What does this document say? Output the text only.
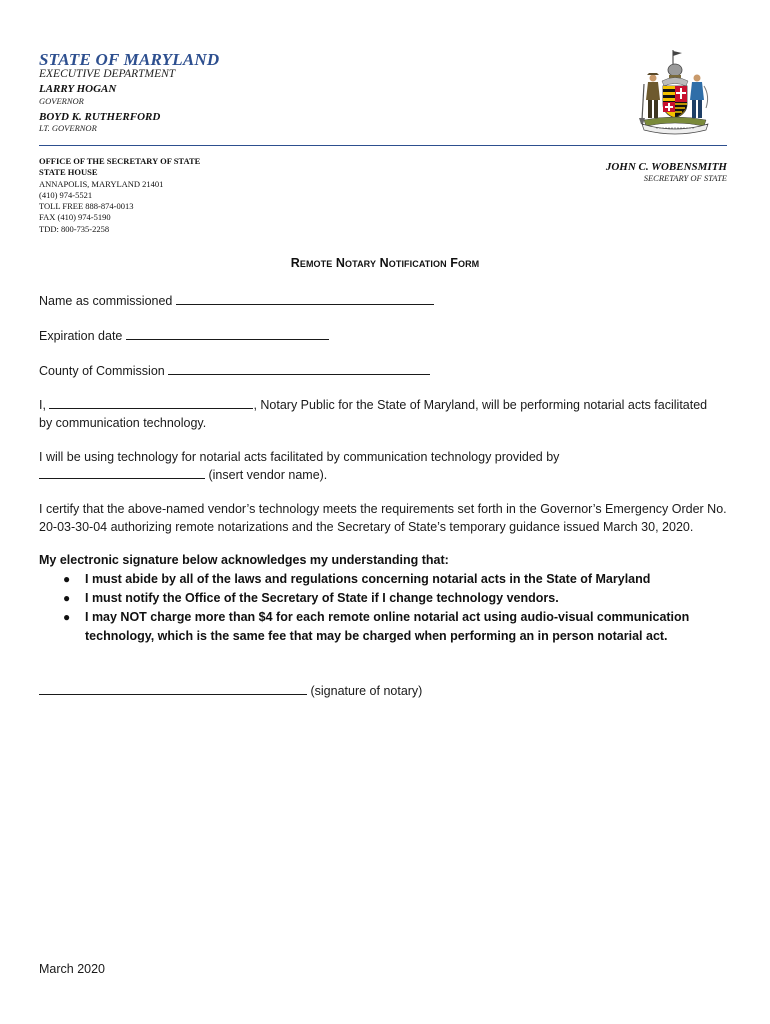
STATE OF MARYLAND
EXECUTIVE DEPARTMENT
LARRY HOGAN
GOVERNOR
BOYD K. RUTHERFORD
LT. GOVERNOR
OFFICE OF THE SECRETARY OF STATE
STATE HOUSE
ANNAPOLIS, MARYLAND 21401
(410) 974-5521
TOLL FREE 888-874-0013
FAX (410) 974-5190
TDD: 800-735-2258
JOHN C. WOBENSMITH
SECRETARY OF STATE
Remote Notary Notification Form
Name as commissioned
Expiration date
County of Commission
I,	, Notary Public for the State of Maryland, will be performing notarial acts facilitated
by communication technology.
I will be using technology for notarial acts facilitated by communication technology provided by
(insert vendor name).
I certify that the above-named vendor’s technology meets the requirements set forth in the Governor’s Emergency Order No. 20-03-30-04 authorizing remote notarizations and the Secretary of State’s temporary guidance issued March 30, 2020.
My electronic signature below acknowledges my understanding that:
● I must abide by all of the laws and regulations concerning notarial acts in the State of Maryland
● I must notify the Office of the Secretary of State if I change technology vendors.
● I may NOT charge more than $4 for each remote online notarial act using audio-visual communication technology, which is the same fee that may be charged when performing an in person notarial act.
(signature of notary)
March 2020
